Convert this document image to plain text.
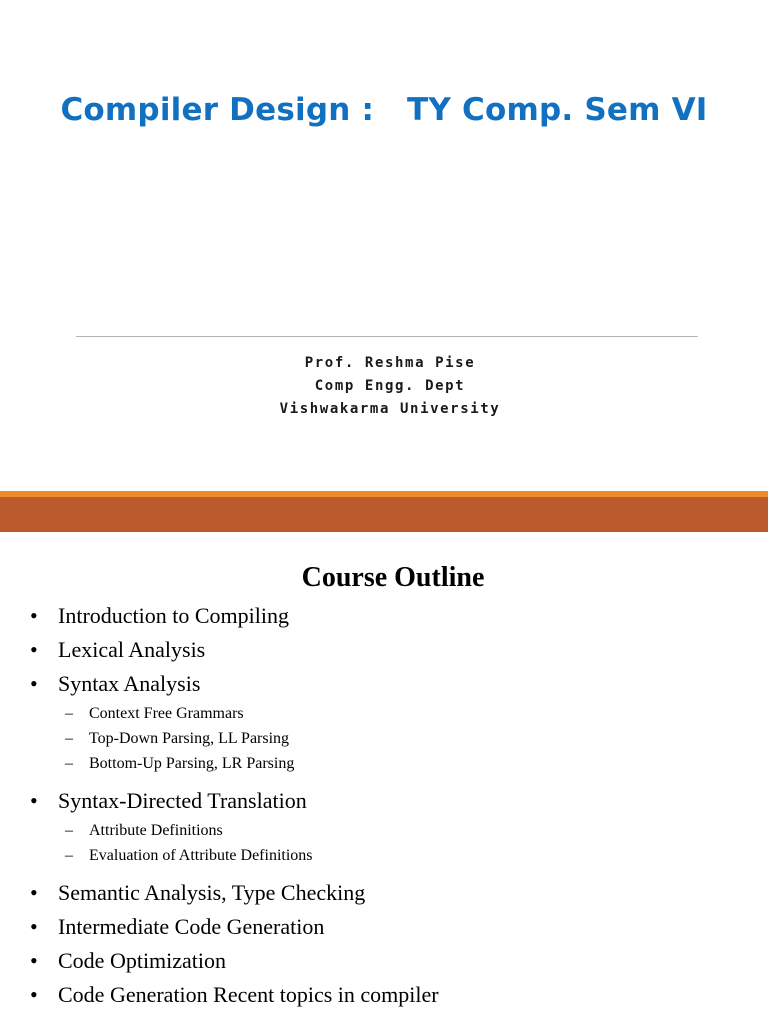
Compiler Design :   TY Comp. Sem VI
Prof. Reshma Pise
Comp Engg. Dept
Vishwakarma University
Course Outline
• Introduction to Compiling
• Lexical Analysis
• Syntax Analysis
– Context Free Grammars
– Top-Down Parsing, LL Parsing
– Bottom-Up Parsing, LR Parsing
• Syntax-Directed Translation
– Attribute Definitions
– Evaluation of Attribute Definitions
• Semantic Analysis, Type Checking
• Intermediate Code Generation
• Code Optimization
• Code Generation Recent topics in compiler
